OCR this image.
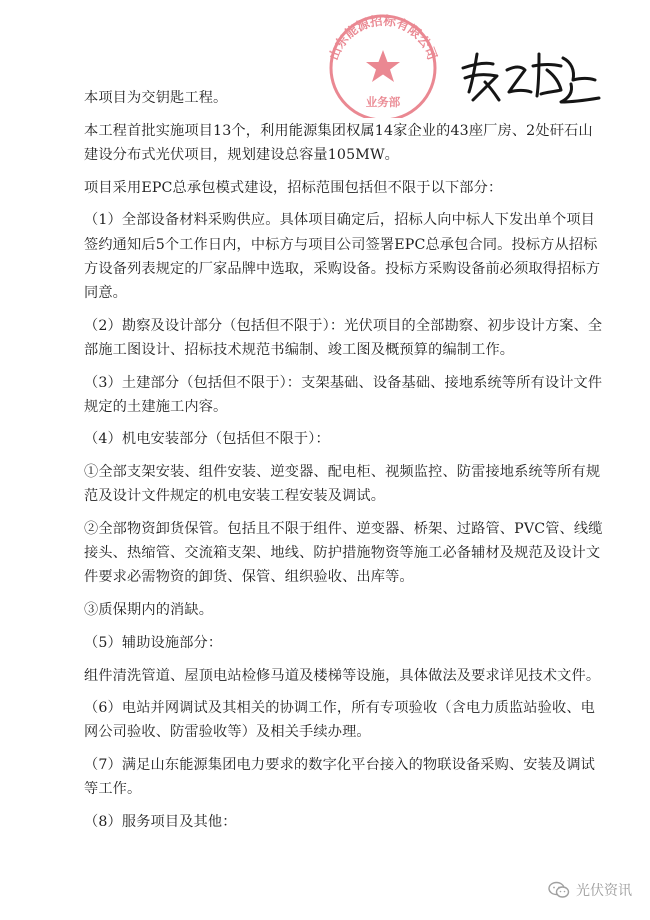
山东能源招标有限公司
业务部

本项目为交钥匙工程。

本工程首批实施项目13个，利用能源集团权属14家企业的43座厂房、2处矸石山建设分布式光伏项目，规划建设总容量105MW。

项目采用EPC总承包模式建设，招标范围包括但不限于以下部分：

（1）全部设备材料采购供应。具体项目确定后，招标人向中标人下发出单个项目签约通知后5个工作日内，中标方与项目公司签署EPC总承包合同。投标方从招标方设备列表规定的厂家品牌中选取，采购设备。投标方采购设备前必须取得招标方同意。

（2）勘察及设计部分（包括但不限于）：光伏项目的全部勘察、初步设计方案、全部施工图设计、招标技术规范书编制、竣工图及概预算的编制工作。

（3）土建部分（包括但不限于）：支架基础、设备基础、接地系统等所有设计文件规定的土建施工内容。

（4）机电安装部分（包括但不限于）：

①全部支架安装、组件安装、逆变器、配电柜、视频监控、防雷接地系统等所有规范及设计文件规定的机电安装工程安装及调试。

②全部物资卸货保管。包括且不限于组件、逆变器、桥架、过路管、PVC管、线缆接头、热缩管、交流箱支架、地线、防护措施物资等施工必备辅材及规范及设计文件要求必需物资的卸货、保管、组织验收、出库等。

③质保期内的消缺。

（5）辅助设施部分：

组件清洗管道、屋顶电站检修马道及楼梯等设施，具体做法及要求详见技术文件。

（6）电站并网调试及其相关的协调工作，所有专项验收（含电力质监站验收、电网公司验收、防雷验收等）及相关手续办理。

（7）满足山东能源集团电力要求的数字化平台接入的物联设备采购、安装及调试等工作。

（8）服务项目及其他：

光伏资讯
